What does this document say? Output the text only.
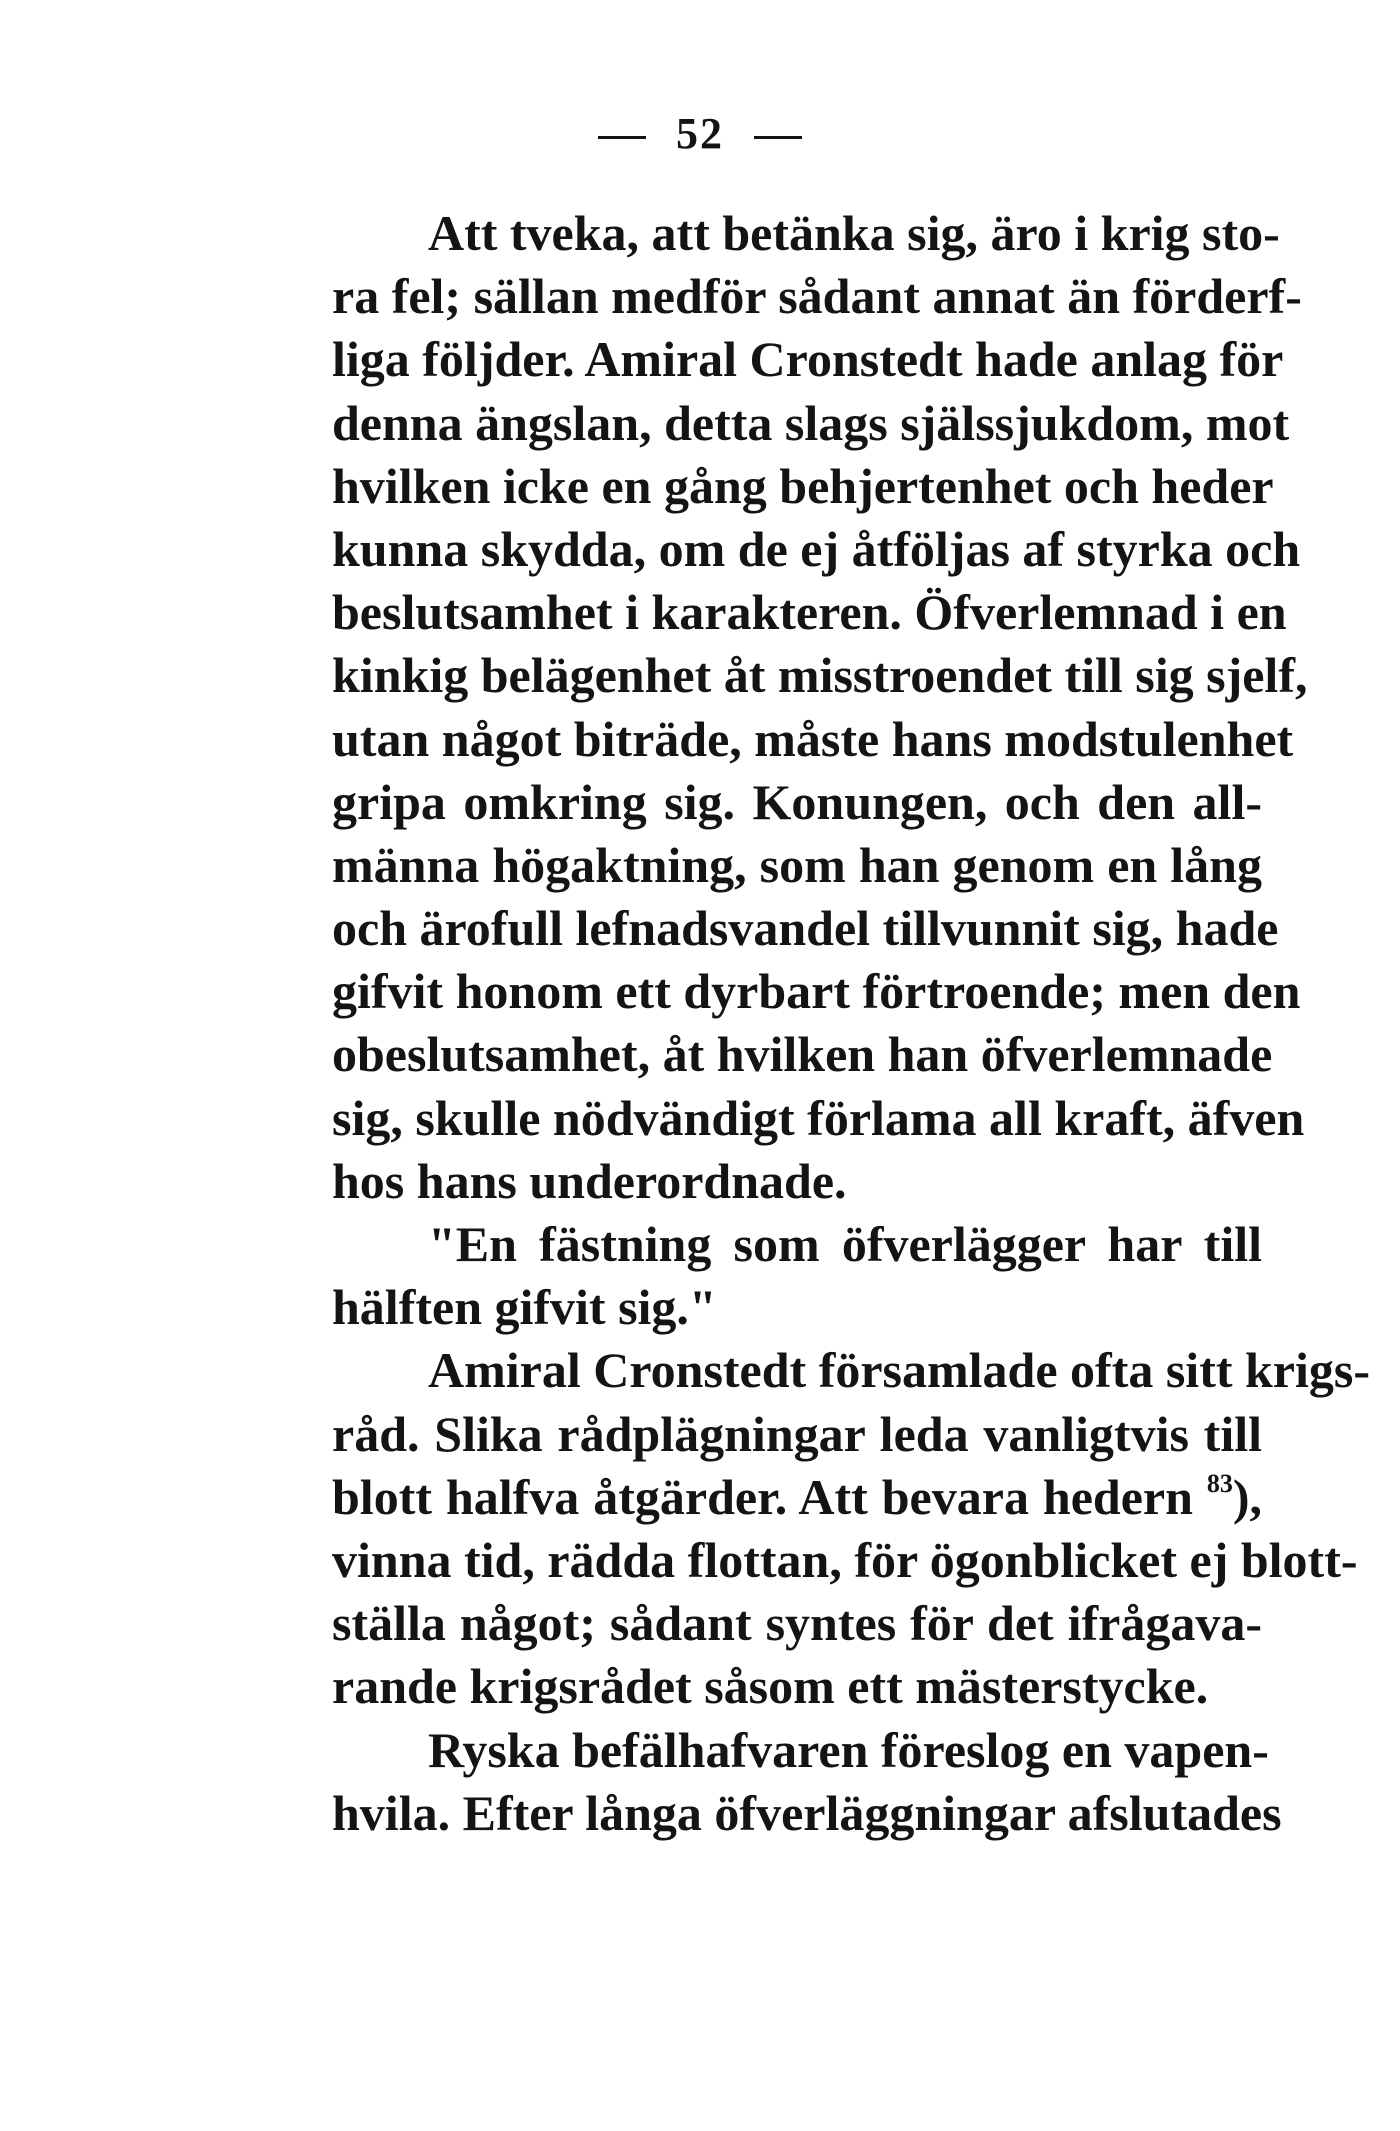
52
Att tveka, att betänka sig, äro i krig sto-
ra fel; sällan medför sådant annat än förderf-
liga följder. Amiral Cronstedt hade anlag för
denna ängslan, detta slags själssjukdom, mot
hvilken icke en gång behjertenhet och heder
kunna skydda, om de ej åtföljas af styrka och
beslutsamhet i karakteren. Öfverlemnad i en
kinkig belägenhet åt misstroendet till sig sjelf,
utan något biträde, måste hans modstulenhet
gripa omkring sig. Konungen, och den all-
männa högaktning, som han genom en lång
och ärofull lefnadsvandel tillvunnit sig, hade
gifvit honom ett dyrbart förtroende; men den
obeslutsamhet, åt hvilken han öfverlemnade
sig, skulle nödvändigt förlama all kraft, äfven
hos hans underordnade.
"En fästning som öfverlägger har till
hälften gifvit sig."
Amiral Cronstedt församlade ofta sitt krigs-
råd. Slika rådplägningar leda vanligtvis till
blott halfva åtgärder. Att bevara hedern $^{83}$),
vinna tid, rädda flottan, för ögonblicket ej blott-
ställa något; sådant syntes för det ifrågava-
rande krigsrådet såsom ett mästerstycke.
Ryska befälhafvaren föreslog en vapen-
hvila. Efter långa öfverläggningar afslutades
